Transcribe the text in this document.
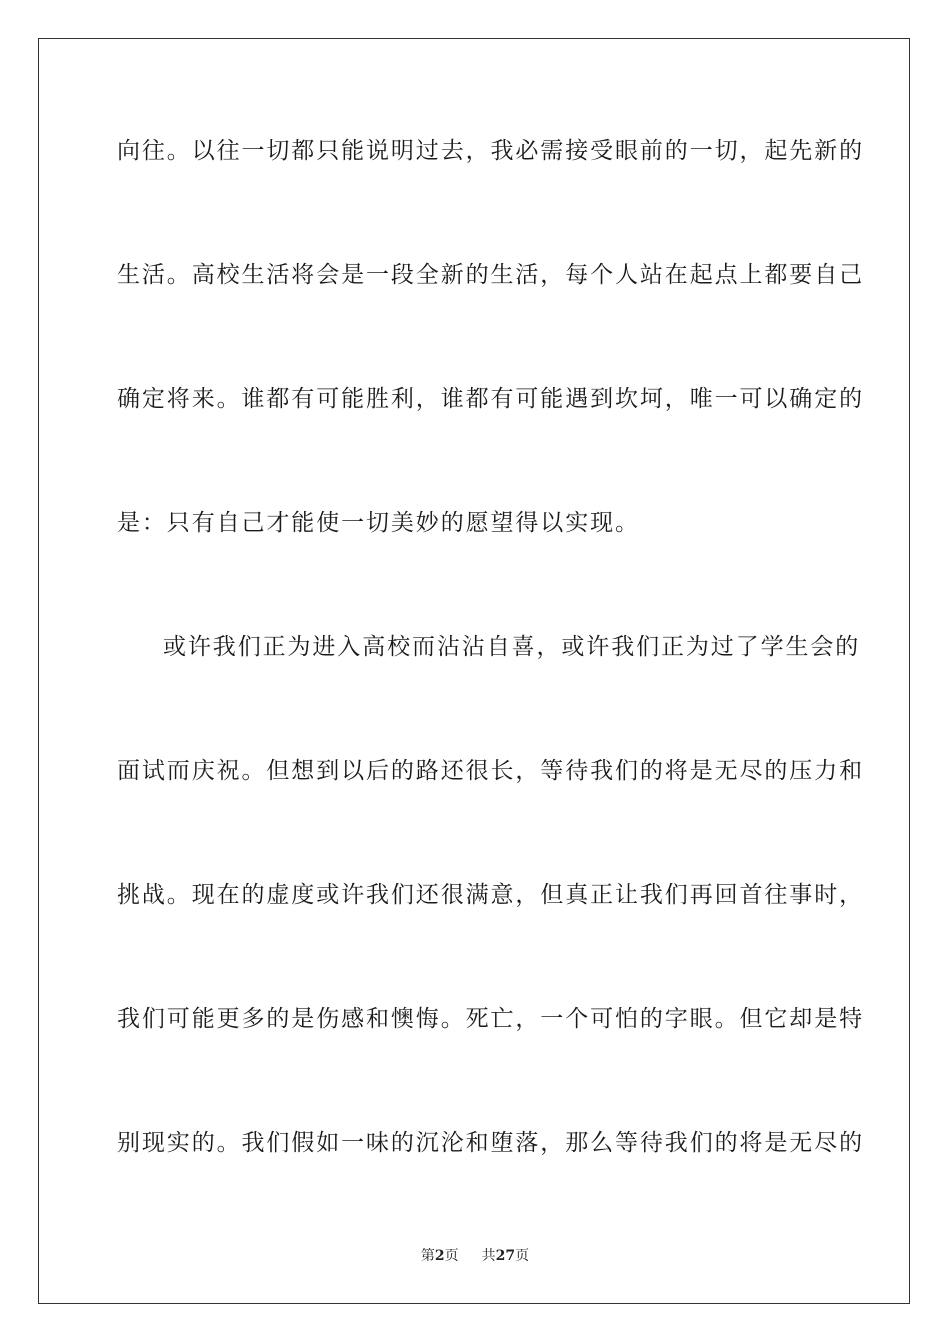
向往。以往一切都只能说明过去，我必需接受眼前的一切，起先新的
生活。高校生活将会是一段全新的生活，每个人站在起点上都要自己
确定将来。谁都有可能胜利，谁都有可能遇到坎坷，唯一可以确定的
是：只有自己才能使一切美妙的愿望得以实现。
或许我们正为进入高校而沾沾自喜，或许我们正为过了学生会的
面试而庆祝。但想到以后的路还很长，等待我们的将是无尽的压力和
挑战。现在的虚度或许我们还很满意，但真正让我们再回首往事时，
我们可能更多的是伤感和懊悔。死亡，一个可怕的字眼。但它却是特
别现实的。我们假如一味的沉沦和堕落，那么等待我们的将是无尽的
第2页 共27页
